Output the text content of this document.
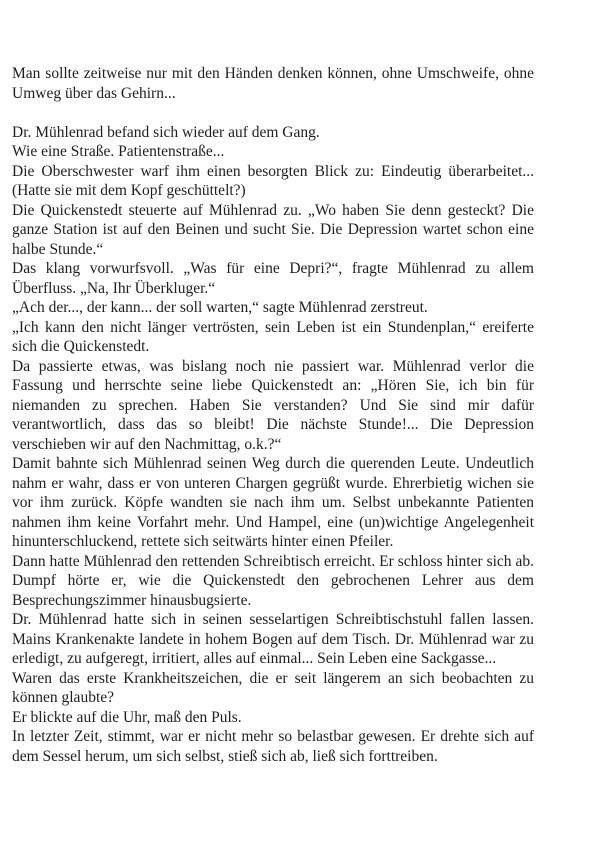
Man sollte zeitweise nur mit den Händen denken können, ohne Umschweife, ohne Umweg über das Gehirn...

Dr. Mühlenrad befand sich wieder auf dem Gang.

Wie eine Straße. Patientenstraße...

Die Oberschwester warf ihm einen besorgten Blick zu: Eindeutig überarbeitet... (Hatte sie mit dem Kopf geschüttelt?)

Die Quickenstedt steuerte auf Mühlenrad zu. „Wo haben Sie denn gesteckt? Die ganze Station ist auf den Beinen und sucht Sie. Die Depression wartet schon eine halbe Stunde.“

Das klang vorwurfsvoll. „Was für eine Depri?“, fragte Mühlenrad zu allem Überfluss. „Na, Ihr Überkluger.“

„Ach der..., der kann... der soll warten,“ sagte Mühlenrad zerstreut.

„Ich kann den nicht länger vertrösten, sein Leben ist ein Stundenplan,“ ereiferte sich die Quickenstedt.

Da passierte etwas, was bislang noch nie passiert war. Mühlenrad verlor die Fassung und herrschte seine liebe Quickenstedt an: „Hören Sie, ich bin für niemanden zu sprechen. Haben Sie verstanden? Und Sie sind mir dafür verantwortlich, dass das so bleibt! Die nächste Stunde!... Die Depression verschieben wir auf den Nachmittag, o.k.?“

Damit bahnte sich Mühlenrad seinen Weg durch die querenden Leute. Undeutlich nahm er wahr, dass er von unteren Chargen gegrüßt wurde. Ehrerbietig wichen sie vor ihm zurück. Köpfe wandten sie nach ihm um. Selbst unbekannte Patienten nahmen ihm keine Vorfahrt mehr. Und Hampel, eine (un)wichtige Angelegenheit hinunterschluckend, rettete sich seitwärts hinter einen Pfeiler.

Dann hatte Mühlenrad den rettenden Schreibtisch erreicht. Er schloss hinter sich ab. Dumpf hörte er, wie die Quickenstedt den gebrochenen Lehrer aus dem Besprechungszimmer hinausbugsierte.

Dr. Mühlenrad hatte sich in seinen sesselartigen Schreibtischstuhl fallen lassen. Mains Krankenakte landete in hohem Bogen auf dem Tisch. Dr. Mühlenrad war zu erledigt, zu aufgeregt, irritiert, alles auf einmal... Sein Leben eine Sackgasse...

Waren das erste Krankheitszeichen, die er seit längerem an sich beobachten zu können glaubte?

Er blickte auf die Uhr, maß den Puls.

In letzter Zeit, stimmt, war er nicht mehr so belastbar gewesen. Er drehte sich auf dem Sessel herum, um sich selbst, stieß sich ab, ließ sich forttreiben.
